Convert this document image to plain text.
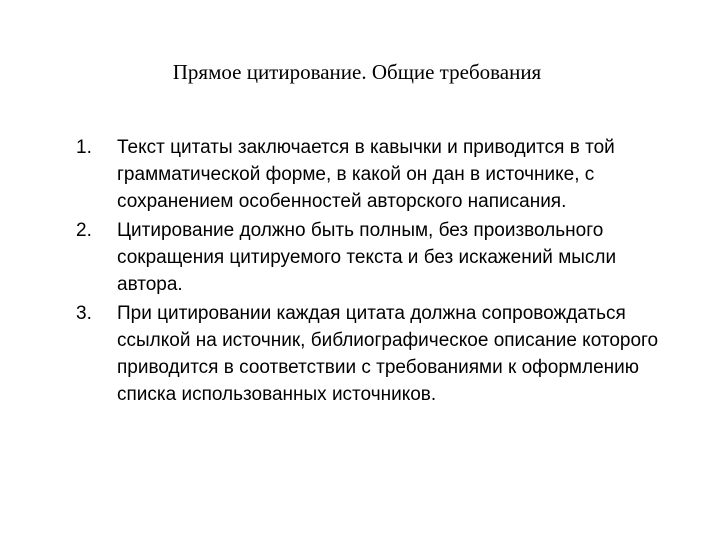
Прямое цитирование. Общие требования
1.	Текст цитаты заключается в кавычки и приводится в той грамматической форме, в какой он дан в источнике, с сохранением особенностей авторского написания.
2.	Цитирование должно быть полным, без произвольного сокращения цитируемого текста и без искажений мысли автора.
3.	При цитировании каждая цитата должна сопровождаться ссылкой на источник, библиографическое описание которого приводится в соответствии с требованиями к оформлению списка использованных источников.
